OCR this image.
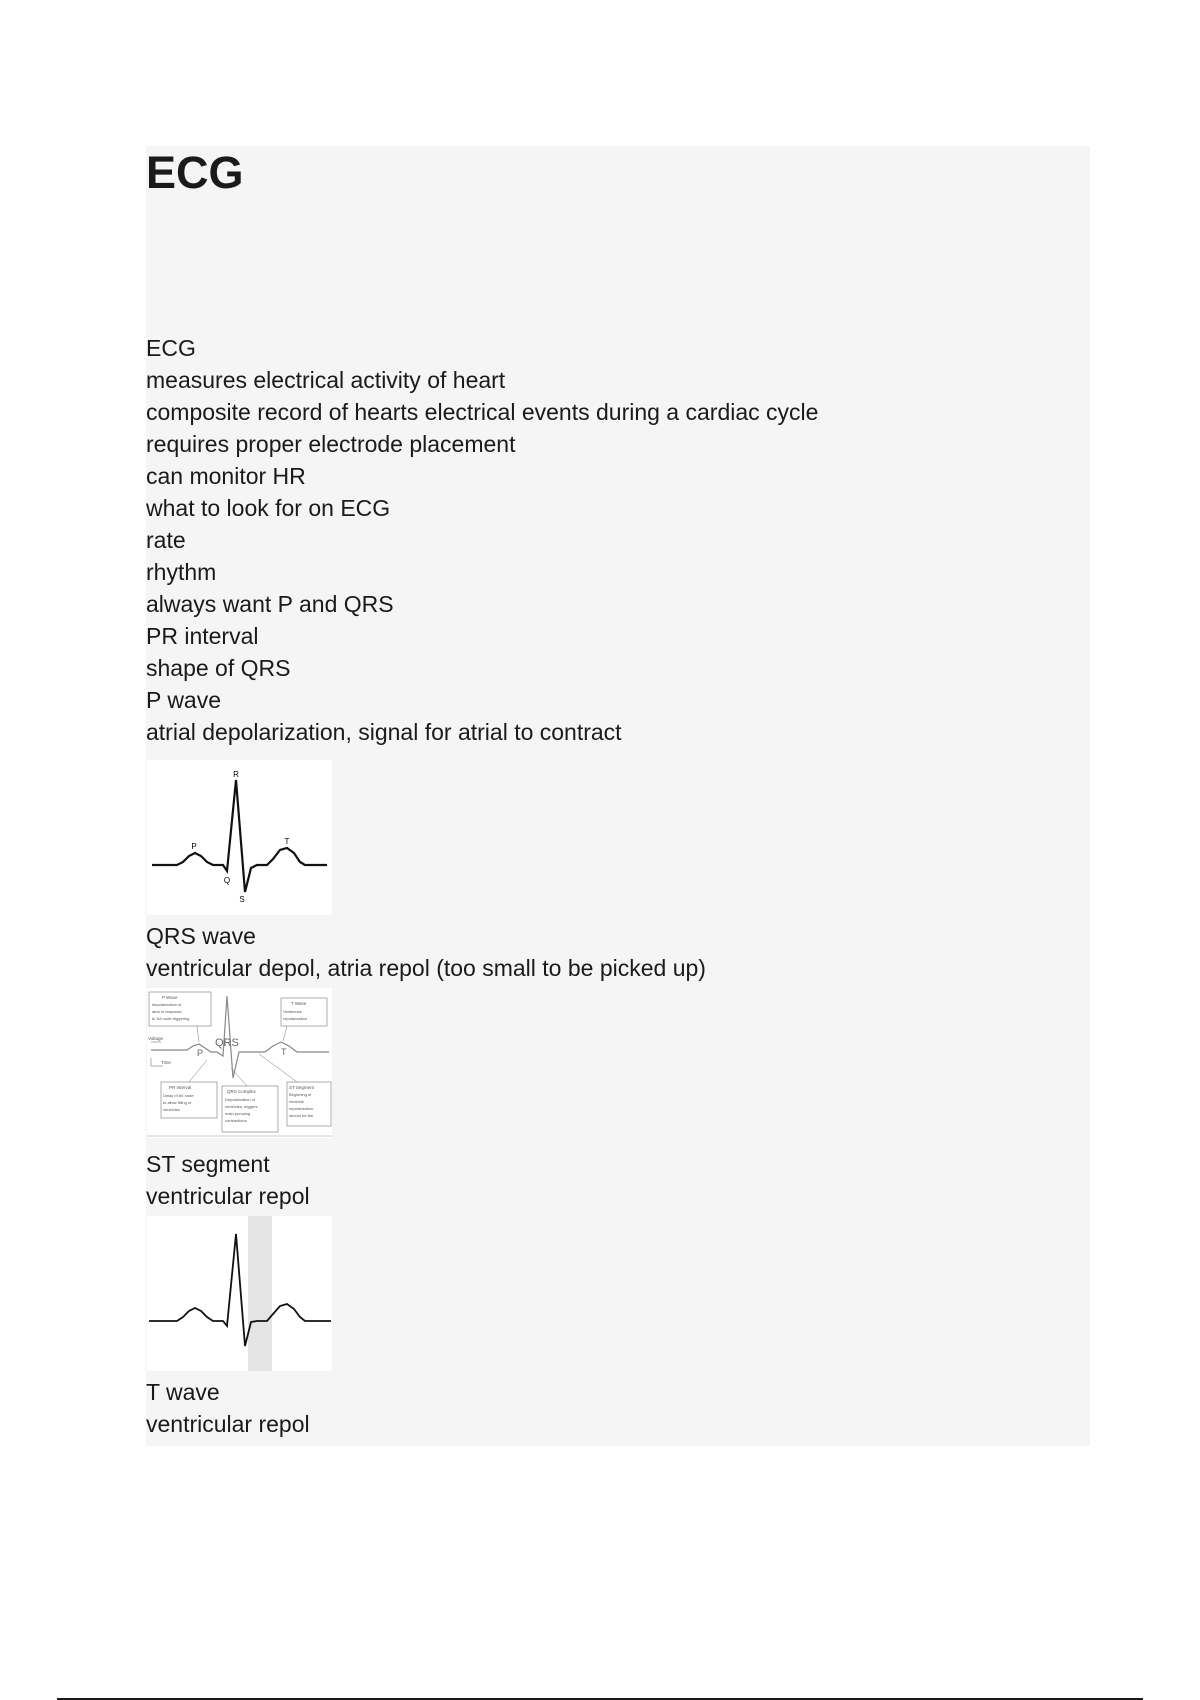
ECG
ECG
measures electrical activity of heart
composite record of hearts electrical events during a cardiac cycle
requires proper electrode placement
can monitor HR
what to look for on ECG
rate
rhythm
always want P and QRS
PR interval
shape of QRS
P wave
atrial depolarization, signal for atrial to contract
R
P
T
Q
S
QRS wave
ventricular depol, atria repol (too small to be picked up)
QRS
P	T
Voltage
Time
P Wave
depolarization of
atria in response
to SA node triggering
T Wave
Ventricular
repolarization
PR Interval
Delay of AV node
to allow filling of
ventricles
QRS Complex
Depolarization of
ventricles, triggers
main pumping
contractions
ST Segment
Beginning of
ventricle
repolarization
should be flat
ST segment
ventricular repol
T wave
ventricular repol
